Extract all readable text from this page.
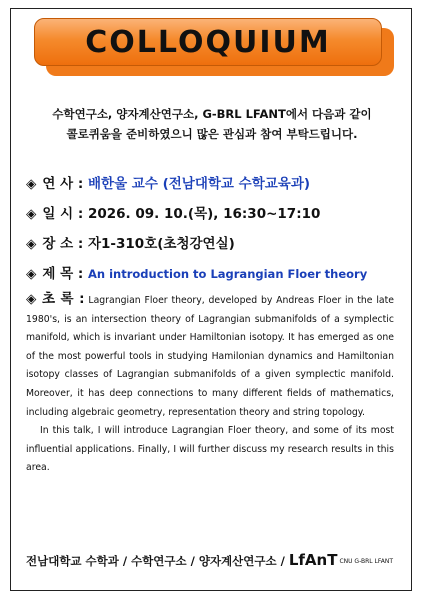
COLLOQUIUM
수학연구소, 양자계산연구소, G-BRL LFANT에서 다음과 같이
콜로퀴움을 준비하였으니 많은 관심과 참여 부탁드립니다.
◈ 연 사 : 배한울 교수 (전남대학교 수학교육과)
◈ 일 시 : 2026. 09. 10.(목), 16:30~17:10
◈ 장 소 : 자1-310호(초청강연실)
◈ 제 목 : An introduction to Lagrangian Floer theory

◈ 초 록 : Lagrangian Floer theory, developed by Andreas Floer in the late 1980's, is an intersection theory of Lagrangian submanifolds of a symplectic manifold, which is invariant under Hamiltonian isotopy. It has emerged as one of the most powerful tools in studying Hamilonian dynamics and Hamiltonian isotopy classes of Lagrangian submanifolds of a given symplectic manifold. Moreover, it has deep connections to many different fields of mathematics, including algebraic geometry, representation theory and string topology.

In this talk, I will introduce Lagrangian Floer theory, and some of its most influential applications. Finally, I will further discuss my research results in this area.

전남대학교 수학과 / 수학연구소 / 양자계산연구소 / LfAnT CNU G-BRL LFANT
